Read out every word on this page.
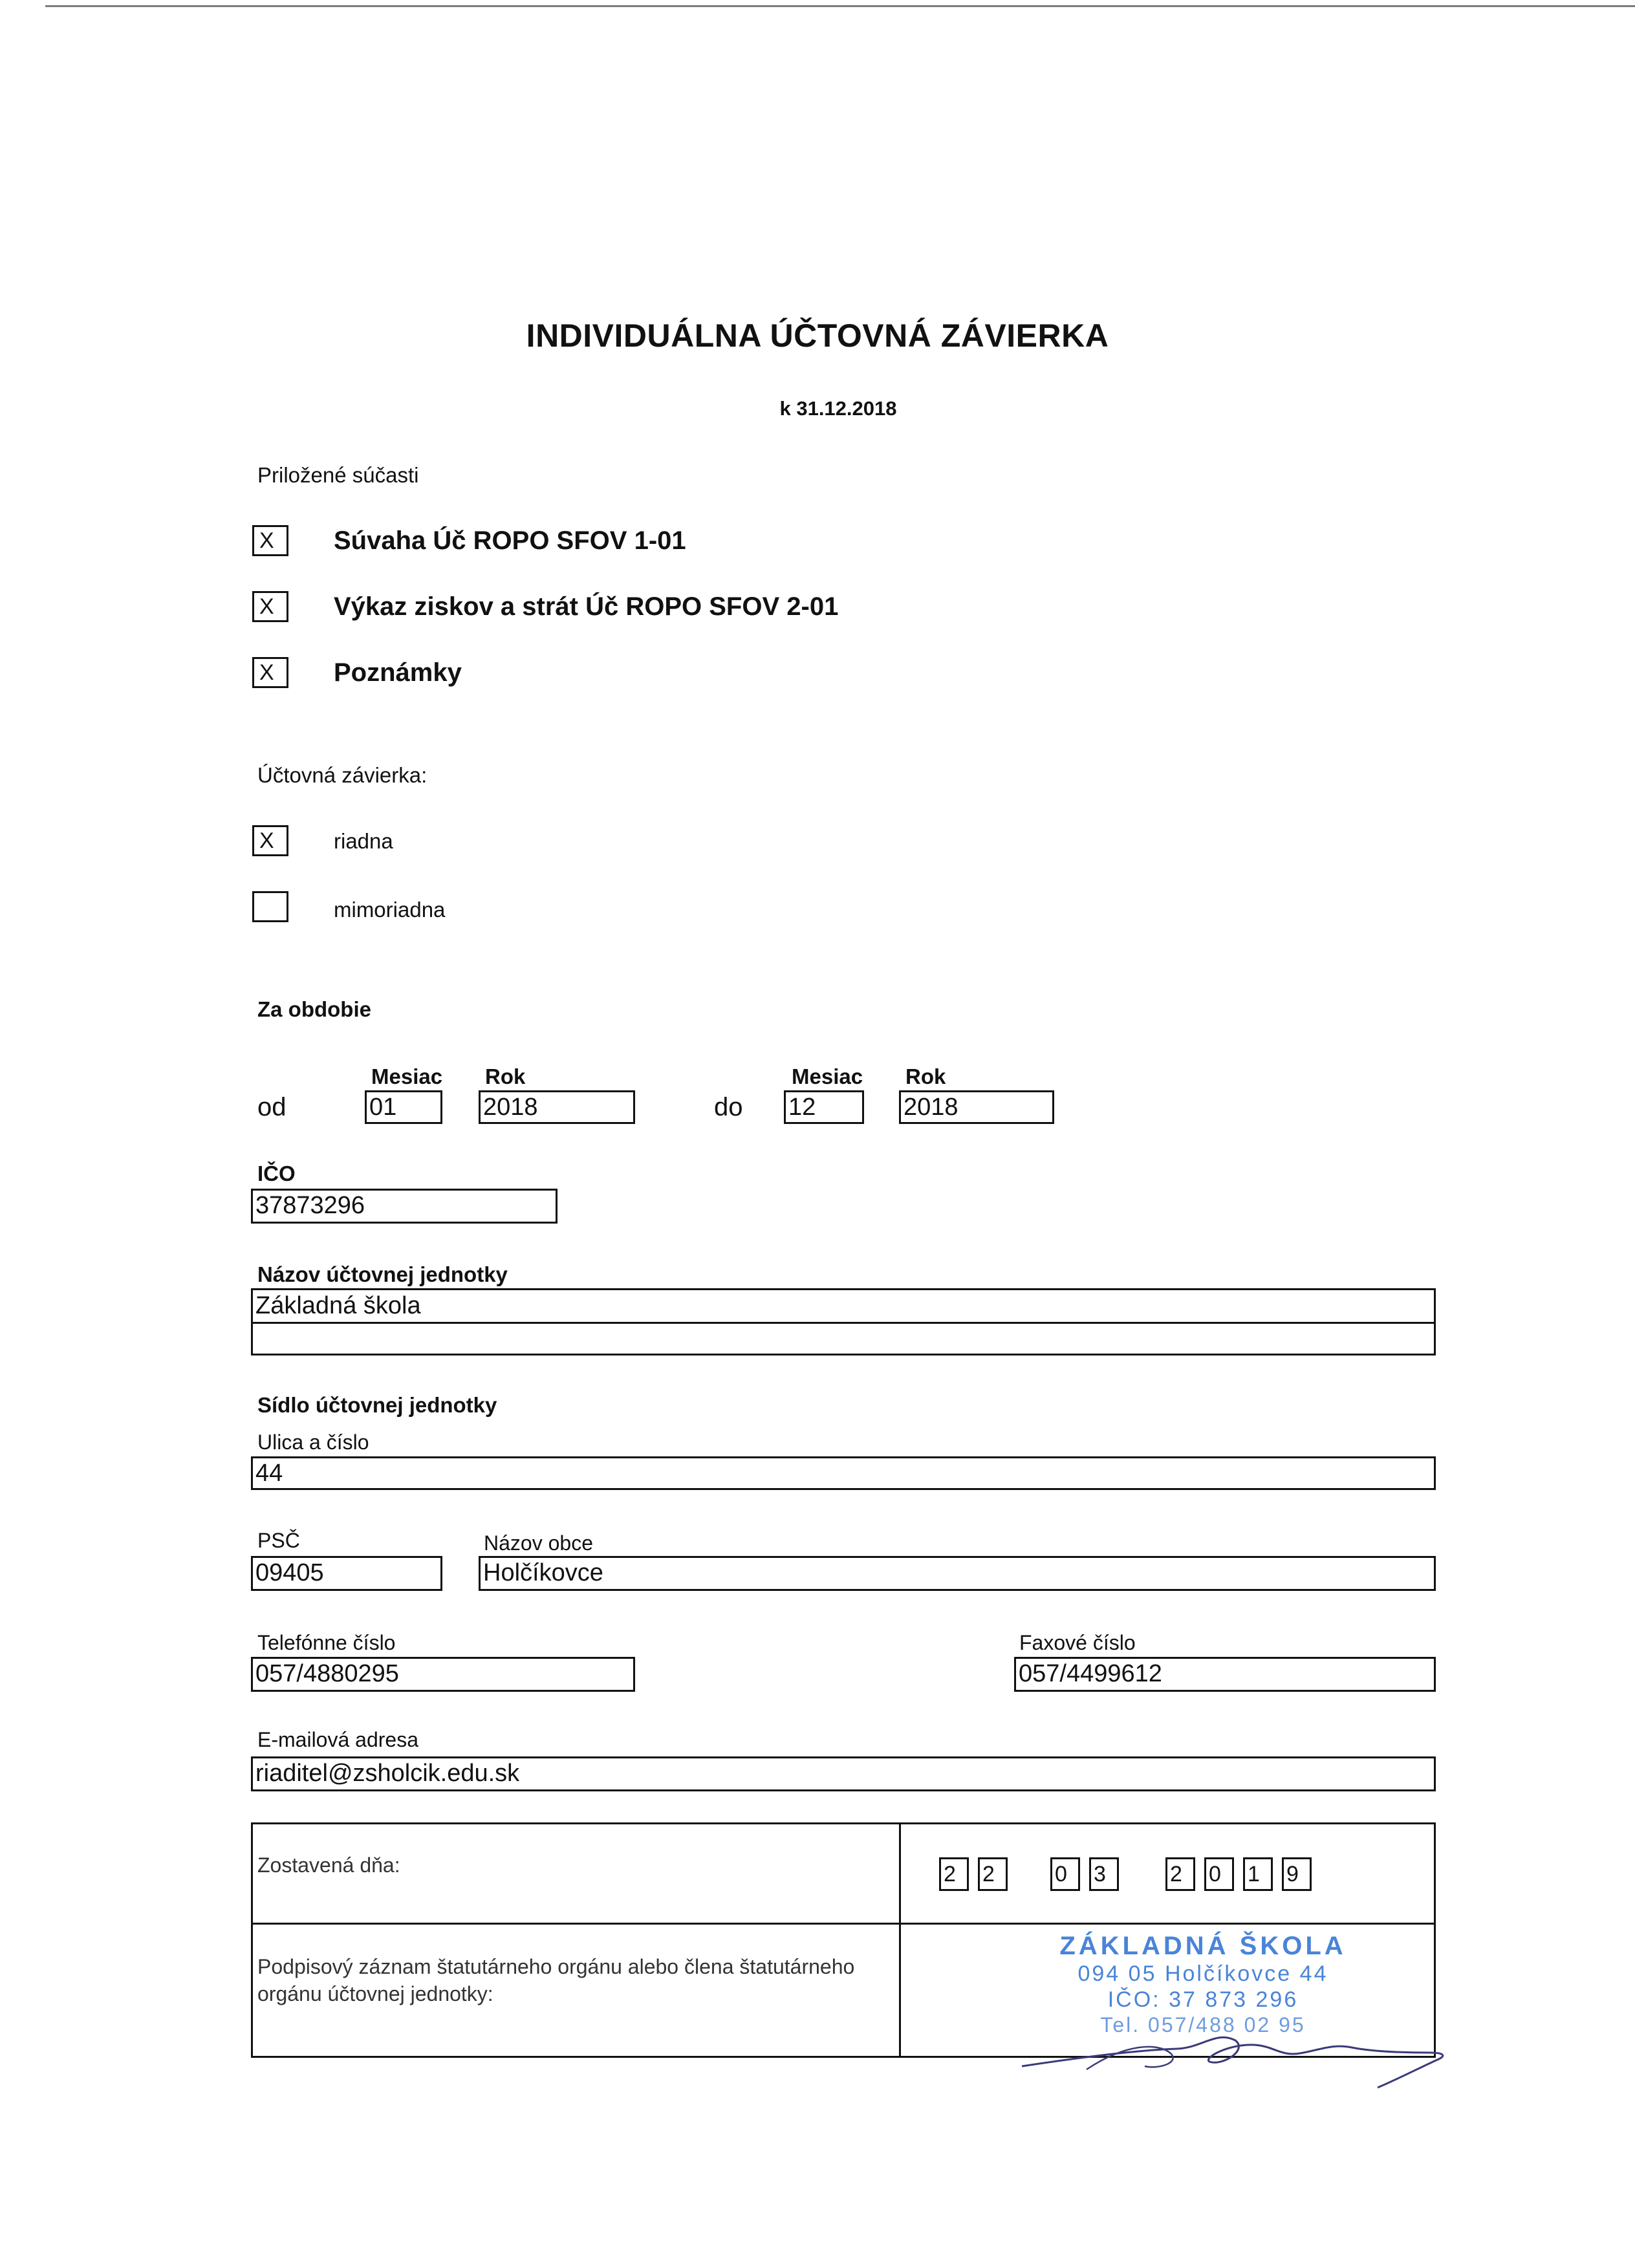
INDIVIDUÁLNA ÚČTOVNÁ ZÁVIERKA
k 31.12.2018
Priložené súčasti
X	Súvaha Úč ROPO SFOV 1-01
X	Výkaz ziskov a strát Úč ROPO SFOV 2-01
X	Poznámky
Účtovná závierka:
X	riadna
mimoriadna
Za obdobie
Mesiac Rok	Mesiac Rok
od	01	2018	do 12	2018
IČO
37873296
Názov účtovnej jednotky
Základná škola
Sídlo účtovnej jednotky
Ulica a číslo
44
PSČ
09405
Názov obce
Holčíkovce
Telefónne číslo
057/4880295
Faxové číslo
057/4499612
E-mailová adresa
riaditel@zsholcik.edu.sk
Zostavená dňa:	2	2	0	3	2	0	1	9
Podpisový záznam štatutárneho orgánu alebo člena štatutárneho
orgánu účtovnej jednotky:
ZÁKLADNÁ ŠKOLA
094 05 Holčíkovce 44
IČO: 37 873 296
Tel. 057/488 02 95
